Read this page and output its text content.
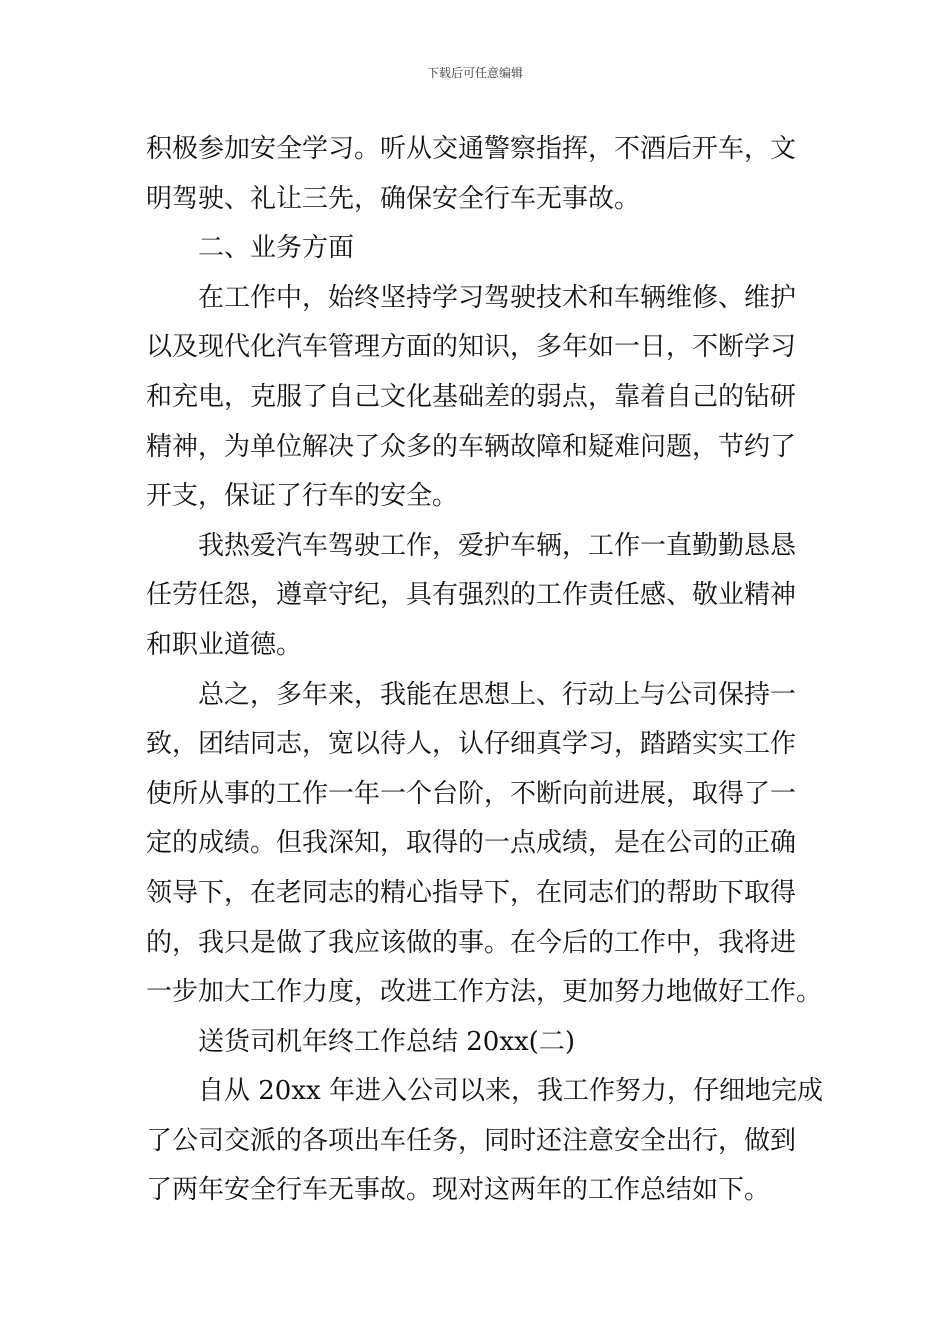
下载后可任意编辑

积极参加安全学习。听从交通警察指挥，不酒后开车，文
明驾驶、礼让三先，确保安全行车无事故。

二、业务方面

在工作中，始终坚持学习驾驶技术和车辆维修、维护

以及现代化汽车管理方面的知识，多年如一日，不断学习
和充电，克服了自己文化基础差的弱点，靠着自己的钻研
精神，为单位解决了众多的车辆故障和疑难问题，节约了
开支，保证了行车的安全。

我热爱汽车驾驶工作，爱护车辆，工作一直勤勤恳恳

任劳任怨，遵章守纪，具有强烈的工作责任感、敬业精神
和职业道德。

总之，多年来，我能在思想上、行动上与公司保持一

致，团结同志，宽以待人，认仔细真学习，踏踏实实工作
使所从事的工作一年一个台阶，不断向前进展，取得了一
定的成绩。但我深知，取得的一点成绩，是在公司的正确
领导下，在老同志的精心指导下，在同志们的帮助下取得
的，我只是做了我应该做的事。在今后的工作中，我将进
一步加大工作力度，改进工作方法，更加努力地做好工作。

送货司机年终工作总结 20xx(二)

自从 20xx 年进入公司以来，我工作努力，仔细地完成

了公司交派的各项出车任务，同时还注意安全出行，做到
了两年安全行车无事故。现对这两年的工作总结如下。
